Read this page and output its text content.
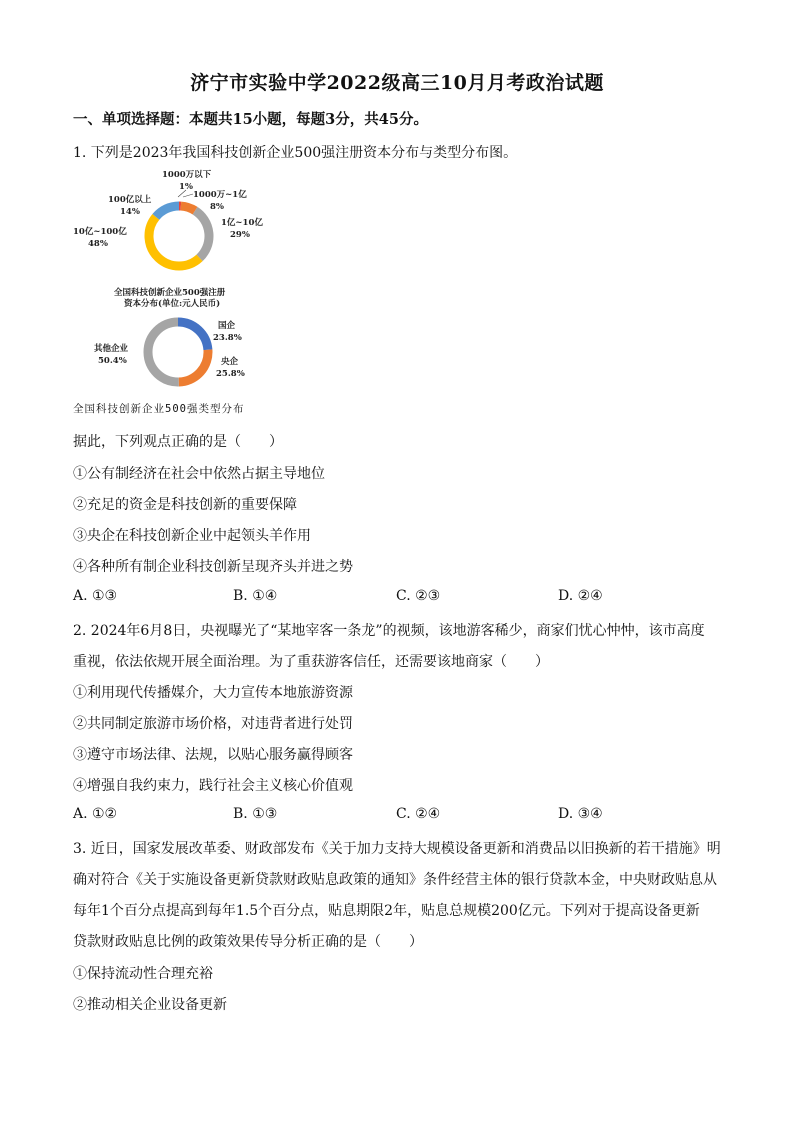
济宁市实验中学2022级高三10月月考政治试题
一、单项选择题：本题共15小题，每题3分，共45分。
1. 下列是2023年我国科技创新企业500强注册资本分布与类型分布图。
1000万以下
1%
1000万~1亿
8%
1亿~10亿
29%
100亿以上
14%
10亿~100亿
48%
全国科技创新企业500强注册
资本分布(单位:元人民币)
国企
23.8%
央企
25.8%
其他企业
50.4%
全国科技创新企业500强类型分布
据此，下列观点正确的是（　　）
①公有制经济在社会中依然占据主导地位
②充足的资金是科技创新的重要保障
③央企在科技创新企业中起领头羊作用
④各种所有制企业科技创新呈现齐头并进之势
A. ①③	B. ①④	C. ②③	D. ②④
2. 2024年6月8日，央视曝光了“某地宰客一条龙”的视频，该地游客稀少，商家们忧心忡忡，该市高度
重视，依法依规开展全面治理。为了重获游客信任，还需要该地商家（　　）
①利用现代传播媒介，大力宣传本地旅游资源
②共同制定旅游市场价格，对违背者进行处罚
③遵守市场法律、法规，以贴心服务赢得顾客
④增强自我约束力，践行社会主义核心价值观
A. ①②	B. ①③	C. ②④	D. ③④
3. 近日，国家发展改革委、财政部发布《关于加力支持大规模设备更新和消费品以旧换新的若干措施》明
确对符合《关于实施设备更新贷款财政贴息政策的通知》条件经营主体的银行贷款本金，中央财政贴息从
每年1个百分点提高到每年1.5个百分点，贴息期限2年，贴息总规模200亿元。下列对于提高设备更新
贷款财政贴息比例的政策效果传导分析正确的是（　　）
①保持流动性合理充裕
②推动相关企业设备更新
